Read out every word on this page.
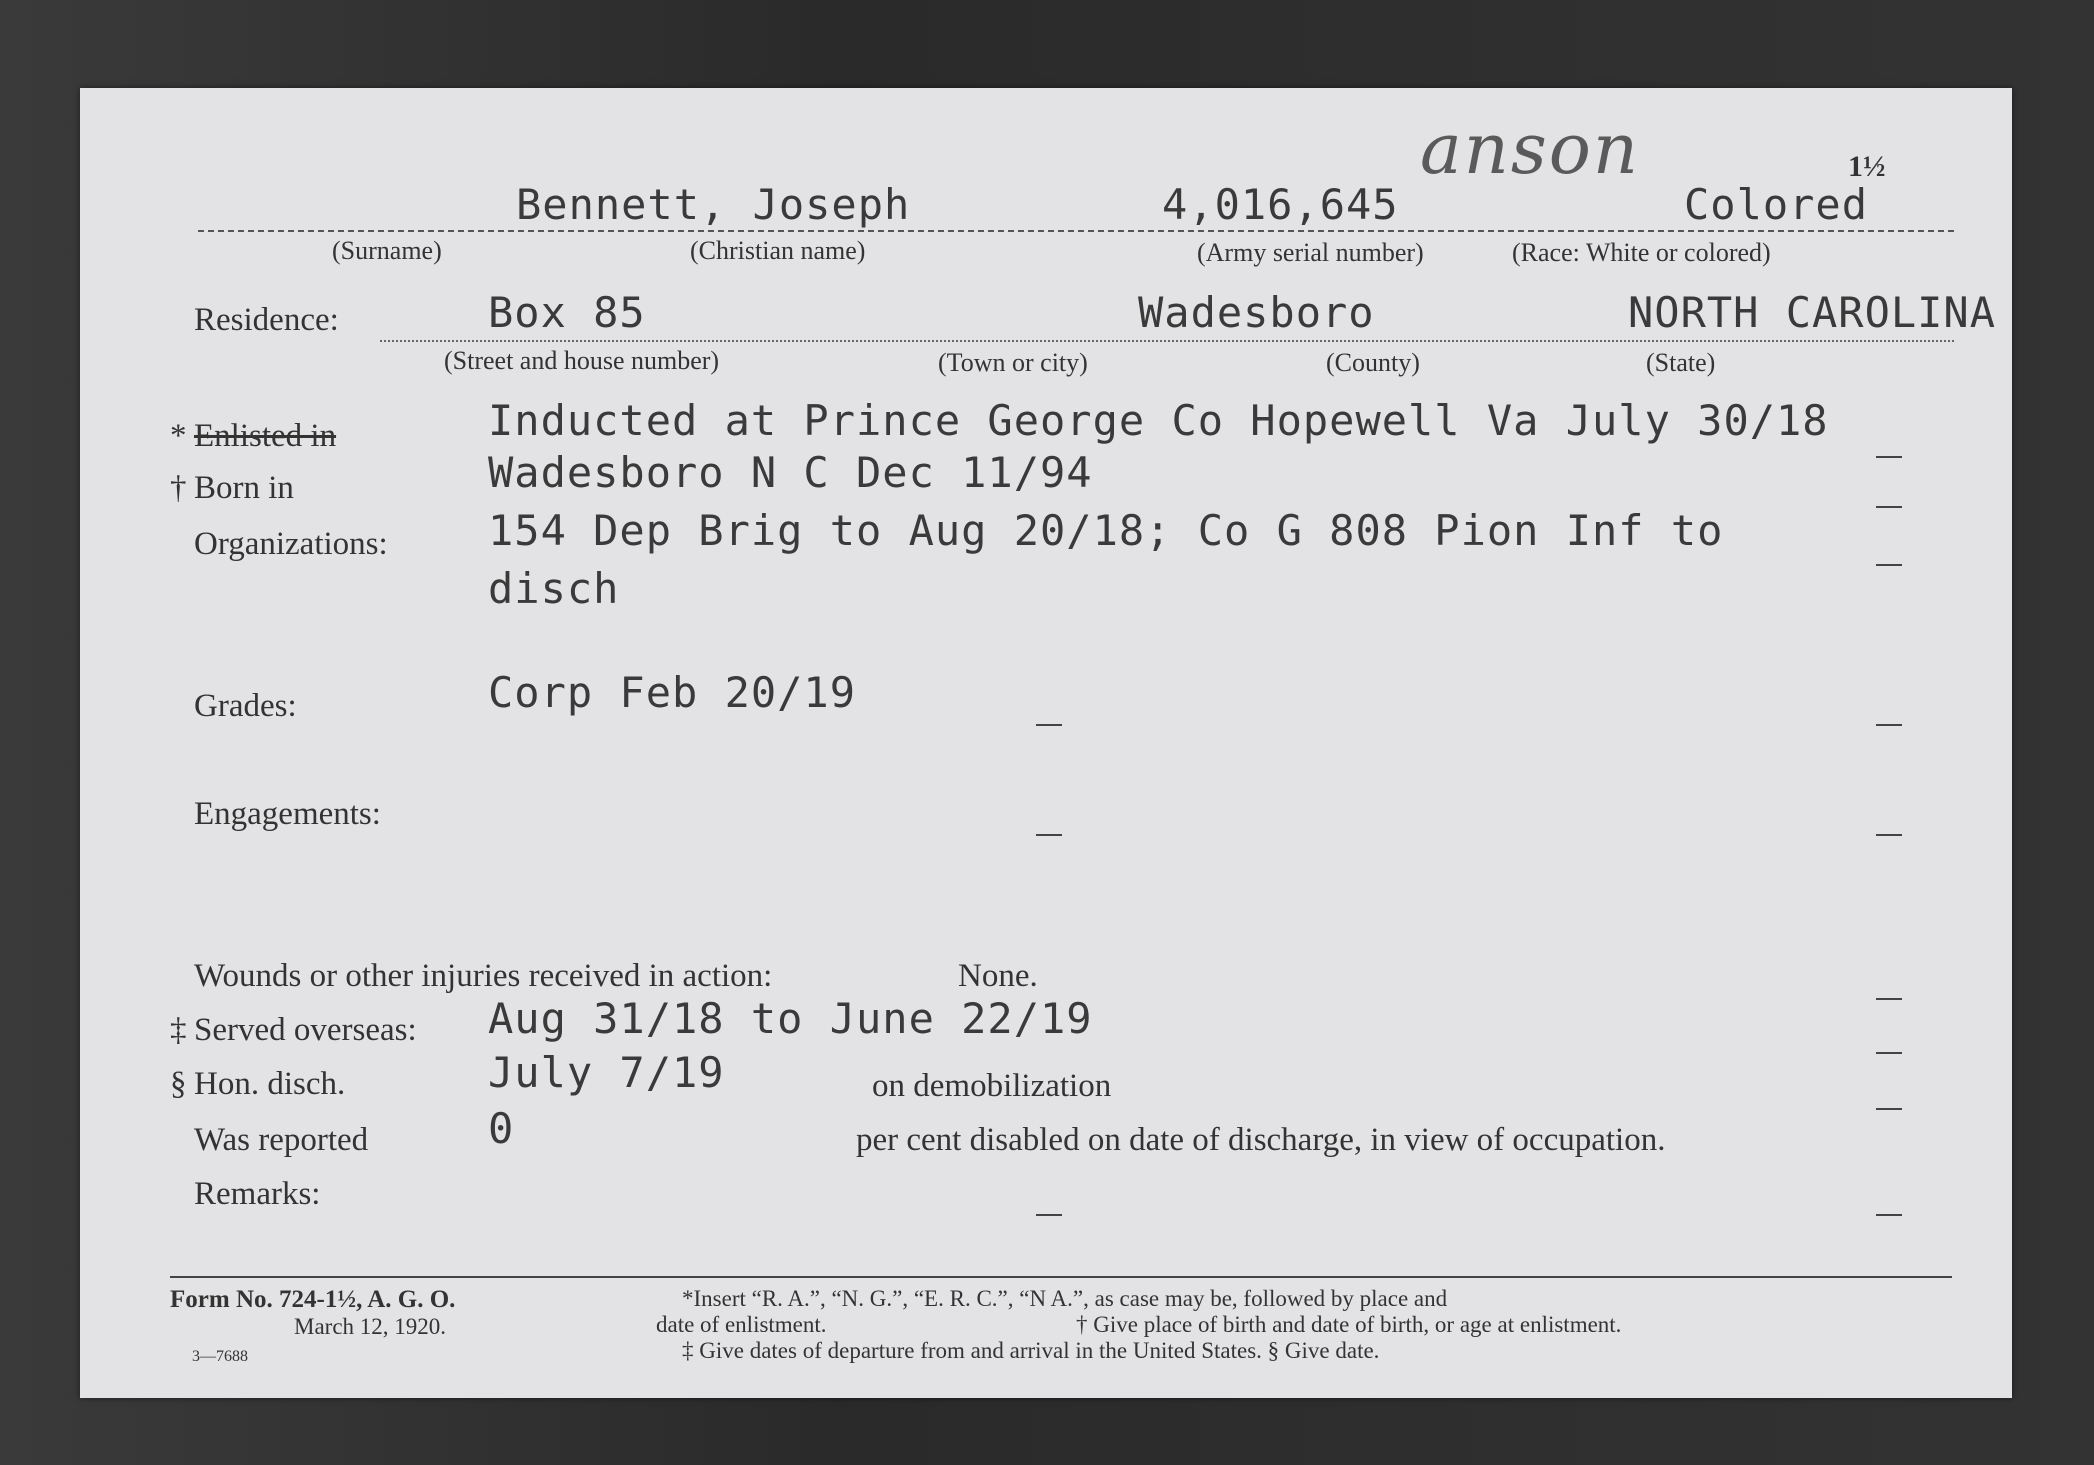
anson	1½
Bennett, Joseph	4,016,645	Colored
(Surname)	(Christian name)	(Army serial number)	(Race: White or colored)
Residence:	Box 85	Wadesboro	NORTH CAROLINA
(Street and house number)	(Town or city)	(County)	(State)
* Enlisted in	Inducted at Prince George Co Hopewell Va July 30/18
† Born in	Wadesboro N C Dec 11/94
Organizations: 154 Dep Brig to Aug 20/18; Co G 808 Pion Inf to
disch
Grades:	Corp Feb 20/19
Engagements:
Wounds or other injuries received in action:	None.
‡ Served overseas: Aug 31/18 to June 22/19
§ Hon. disch.	July 7/19	on demobilization
Was reported	0	per cent disabled on date of discharge, in view of occupation.
Remarks:
Form No. 724-1½, A. G. O.
March 12, 1920.
3—7688
*Insert “R. A.”, “N. G.”, “E. R. C.”, “N A.”, as case may be, followed by place and
date of enlistment.	† Give place of birth and date of birth, or age at enlistment.
‡ Give dates of departure from and arrival in the United States. § Give date.
